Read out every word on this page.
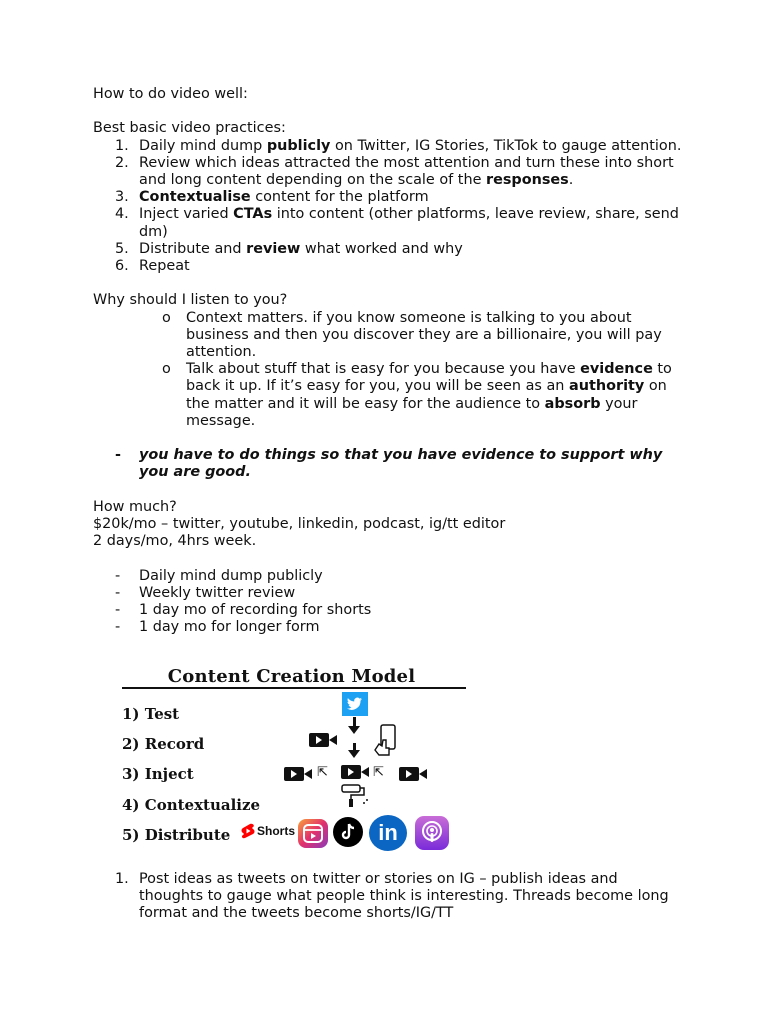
How to do video well:

Best basic video practices:

1. Daily mind dump publicly on Twitter, IG Stories, TikTok to gauge attention.
2. Review which ideas attracted the most attention and turn these into short and long content depending on the scale of the responses.
3. Contextualise content for the platform
4. Inject varied CTAs into content (other platforms, leave review, share, send dm)
5. Distribute and review what worked and why
6. Repeat

Why should I listen to you?

o Context matters. if you know someone is talking to you about business and then you discover they are a billionaire, you will pay attention.
o Talk about stuff that is easy for you because you have evidence to back it up. If it’s easy for you, you will be seen as an authority on the matter and it will be easy for the audience to absorb your message.
- you have to do things so that you have evidence to support why you are good.

How much?

$20k/mo – twitter, youtube, linkedin, podcast, ig/tt editor

2 days/mo, 4hrs week.

- Daily mind dump publicly
- Weekly twitter review
- 1 day mo of recording for shorts
- 1 day mo for longer form
Content Creation Model
1) Test
2) Record
3) Inject
4) Contextualize
5) Distribute
⇱	⇱
Shorts	in
1. Post ideas as tweets on twitter or stories on IG – publish ideas and thoughts to gauge what people think is interesting. Threads become long format and the tweets become shorts/IG/TT
